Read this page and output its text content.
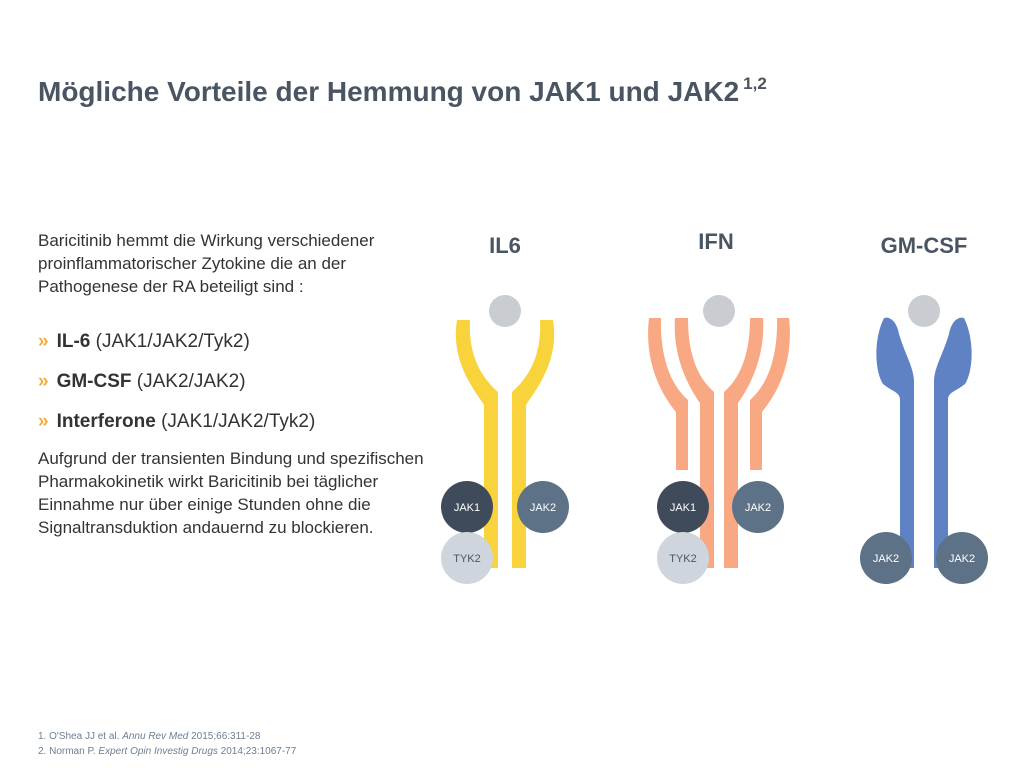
Mögliche Vorteile der Hemmung von JAK1 und JAK2 $^{1,2}$

Baricitinib hemmt die Wirkung verschiedener proinflammatorischer Zytokine die an der Pathogenese der RA beteiligt sind :

» IL-6 (JAK1/JAK2/Tyk2)
» GM-CSF (JAK2/JAK2)
» Interferone (JAK1/JAK2/Tyk2)

Aufgrund der transienten Bindung und spezifischen Pharmakokinetik wirkt Baricitinib bei täglicher Einnahme nur über einige Stunden ohne die Signaltransduktion andauernd zu blockieren.

1. O'Shea JJ et al. Annu Rev Med 2015;66:311-28
2. Norman P. Expert Opin Investig Drugs 2014;23:1067-77
IL6
JAK1	JAK2
TYK2
IFN
JAK1	JAK2
TYK2
GM-CSF
JAK2	JAK2
